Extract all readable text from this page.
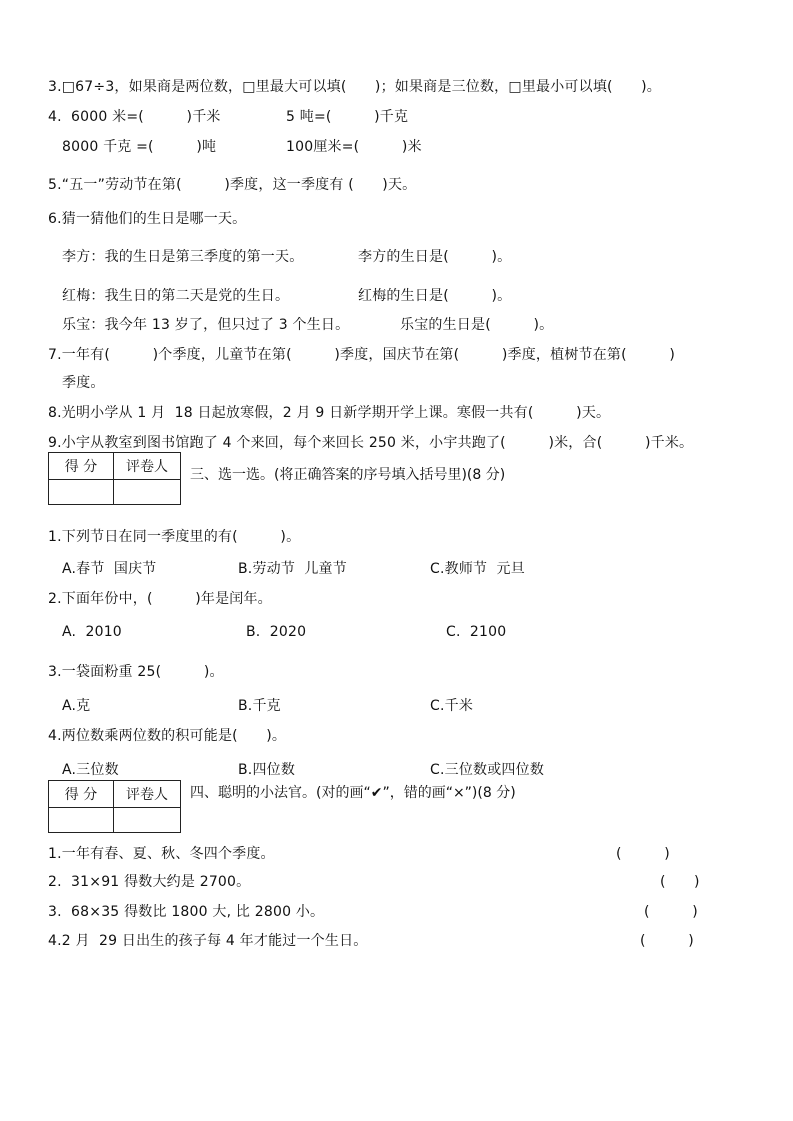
3.□67÷3，如果商是两位数，□里最大可以填(　　)；如果商是三位数，□里最小可以填(　　)。
4.  6000 米=(　　　)千米	5 吨=(　　　)千克
8000 千克 =(　　　)吨	100厘米=(　　　)米
5.“五一”劳动节在第(　　　)季度，这一季度有 (　　)天。
6.猜一猜他们的生日是哪一天。
李方：我的生日是第三季度的第一天。	李方的生日是(　　　)。
红梅：我生日的第二天是党的生日。	红梅的生日是(　　　)。
乐宝：我今年 13 岁了，但只过了 3 个生日。	乐宝的生日是(　　　)。
7.一年有(　　　)个季度，儿童节在第(　　　)季度，国庆节在第(　　　)季度，植树节在第(　　　)
季度。
8.光明小学从 1 月  18 日起放寒假，2 月 9 日新学期开学上课。寒假一共有(　　　)天。
9.小宇从教室到图书馆跑了 4 个来回，每个来回长 250 米，小宇共跑了(　　　)米，合(　　　)千米。
得 分	评卷人
	三、选一选。(将正确答案的序号填入括号里)(8 分)
1.下列节日在同一季度里的有(　　　)。
A.春节  国庆节	B.劳动节  儿童节	C.教师节  元旦
2.下面年份中，(　　　)年是闰年。
A.  2010	B.  2020	C.  2100
3.一袋面粉重 25(　　　)。
A.克	B.千克	C.千米
4.两位数乘两位数的积可能是(　　)。
A.三位数	B.四位数	C.三位数或四位数
得 分	评卷人
	四、聪明的小法官。(对的画“✔”，错的画“×”)(8 分)
1.一年有春、夏、秋、冬四个季度。	(　　　)
2.  31×91 得数大约是 2700。	(　　)
3.  68×35 得数比 1800 大, 比 2800 小。	(　　　)
4.2 月  29 日出生的孩子每 4 年才能过一个生日。	(　　　)
